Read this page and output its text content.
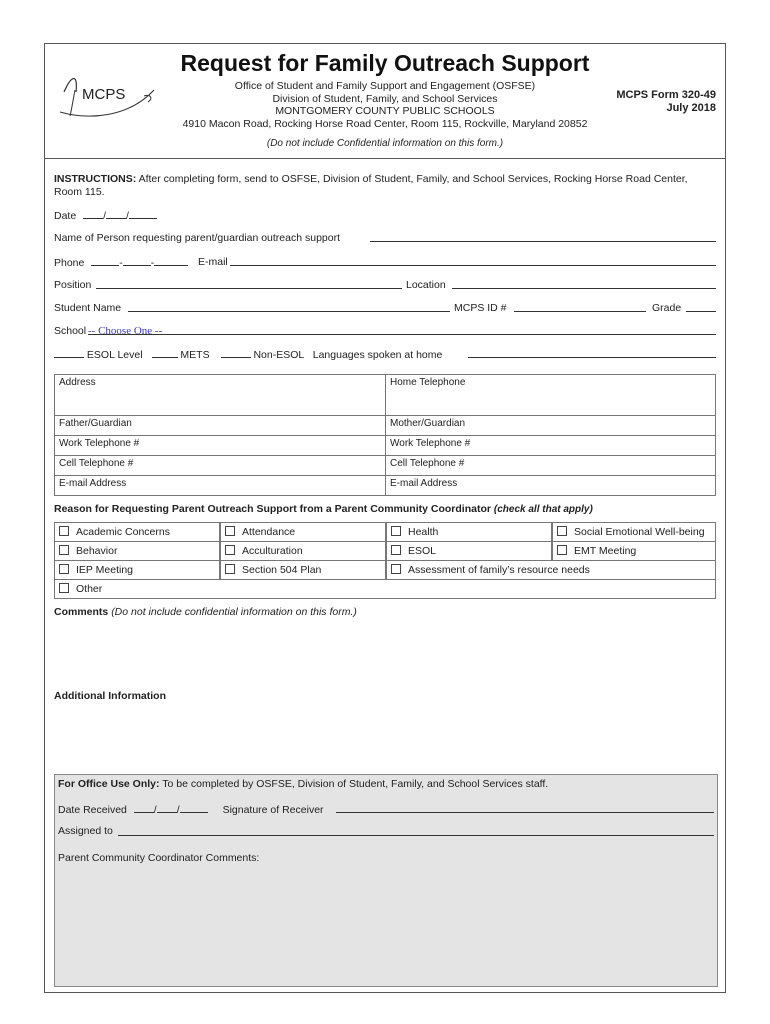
MCPS
Request for Family Outreach Support
Office of Student and Family Support and Engagement (OSFSE)
Division of Student, Family, and School Services
MONTGOMERY COUNTY PUBLIC SCHOOLS
4910 Macon Road, Rocking Horse Road Center, Room 115, Rockville, Maryland 20852
MCPS Form 320-49
July 2018
(Do not include Confidential information on this form.)
INSTRUCTIONS: After completing form, send to OSFSE, Division of Student, Family, and School Services, Rocking Horse Road Center, Room 115.
Date	/ /
Name of Person requesting parent/guardian outreach support
Phone	-	-	E-mail
Position	Location
Student Name	MCPS ID #	Grade
School -- Choose One --
ESOL Level	METS	Non-ESOL Languages spoken at home
Address	Home Telephone
Father/Guardian	Mother/Guardian
Work Telephone #	Work Telephone #
Cell Telephone #	Cell Telephone #
E-mail Address	E-mail Address
Reason for Requesting Parent Outreach Support from a Parent Community Coordinator (check all that apply)
Academic Concerns	Attendance	Health	Social Emotional Well-being
Behavior	Acculturation	ESOL	EMT Meeting
IEP Meeting	Section 504 Plan	Assessment of family’s resource needs
Other
Comments (Do not include confidential information on this form.)
Additional Information
For Office Use Only: To be completed by OSFSE, Division of Student, Family, and School Services staff.
Date Received	/ /	Signature of Receiver
Assigned to
Parent Community Coordinator Comments:
